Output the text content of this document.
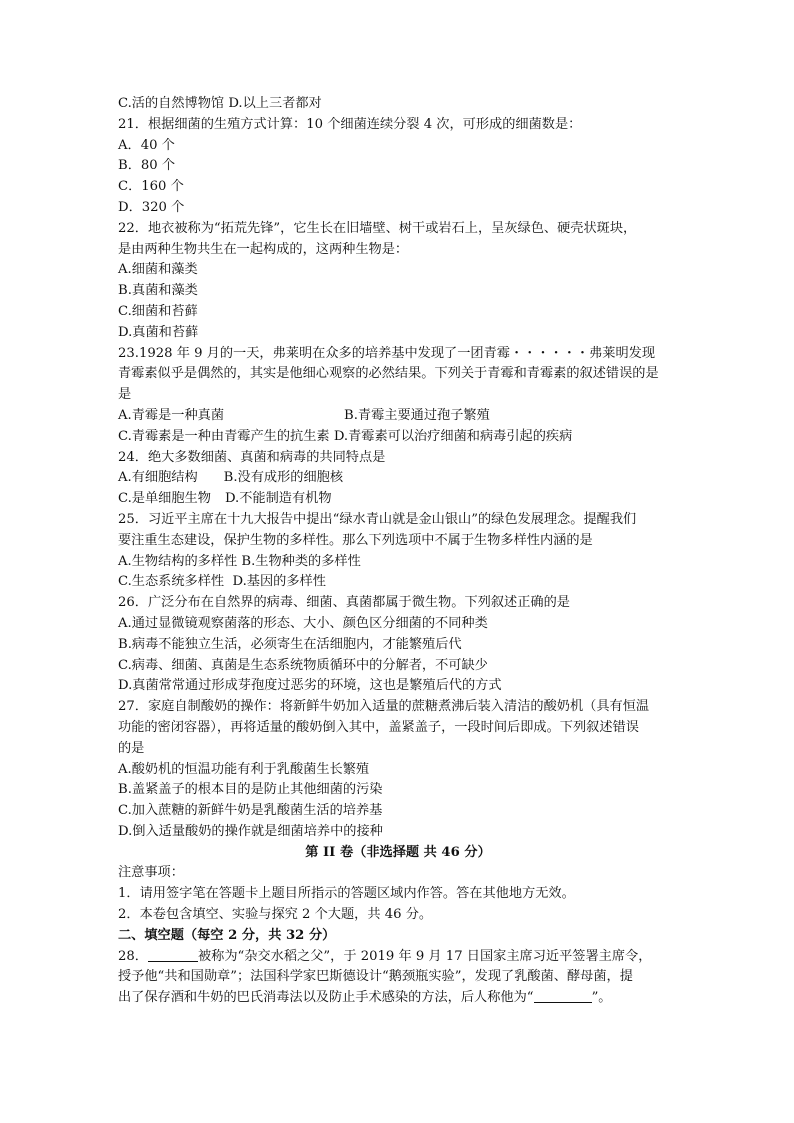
C.活的自然博物馆 D.以上三者都对
21．根据细菌的生殖方式计算：10 个细菌连续分裂 4 次，可形成的细菌数是：
A．40 个
B．80 个
C．160 个
D．320 个
22．地衣被称为“拓荒先锋”，它生长在旧墙壁、树干或岩石上，呈灰绿色、硬壳状斑块，
是由两种生物共生在一起构成的，这两种生物是：
A.细菌和藻类
B.真菌和藻类
C.细菌和苔藓
D.真菌和苔藓
23.1928 年 9 月的一天，弗莱明在众多的培养基中发现了一团青霉・・・・・・弗莱明发现
青霉素似乎是偶然的，其实是他细心观察的必然结果。下列关于青霉和青霉素的叙述错误的是
是
A.青霉是一种真菌	B.青霉主要通过孢子繁殖
C.青霉素是一种由青霉产生的抗生素 D.青霉素可以治疗细菌和病毒引起的疾病
24．绝大多数细菌、真菌和病毒的共同特点是
A.有细胞结构 B.没有成形的细胞核
C.是单细胞生物 D.不能制造有机物
25．习近平主席在十九大报告中提出“绿水青山就是金山银山”的绿色发展理念。提醒我们
要注重生态建设，保护生物的多样性。那么下列选项中不属于生物多样性内涵的是
A.生物结构的多样性 B.生物种类的多样性
C.生态系统多样性 D.基因的多样性
26．广泛分布在自然界的病毒、细菌、真菌都属于微生物。下列叙述正确的是
A.通过显微镜观察菌落的形态、大小、颜色区分细菌的不同种类
B.病毒不能独立生活，必须寄生在活细胞内，才能繁殖后代
C.病毒、细菌、真菌是生态系统物质循环中的分解者，不可缺少
D.真菌常常通过形成芽孢度过恶劣的环境，这也是繁殖后代的方式
27．家庭自制酸奶的操作：将新鲜牛奶加入适量的蔗糖煮沸后装入清洁的酸奶机（具有恒温
功能的密闭容器），再将适量的酸奶倒入其中，盖紧盖子，一段时间后即成。下列叙述错误
的是
A.酸奶机的恒温功能有利于乳酸菌生长繁殖
B.盖紧盖子的根本目的是防止其他细菌的污染
C.加入蔗糖的新鲜牛奶是乳酸菌生活的培养基
D.倒入适量酸奶的操作就是细菌培养中的接种
第 II 卷（非选择题 共 46 分）
注意事项：
1．请用签字笔在答题卡上题目所指示的答题区域内作答。答在其他地方无效。
2．本卷包含填空、实验与探究 2 个大题，共 46 分。
二、填空题（每空 2 分，共 32 分）
28．	被称为“杂交水稻之父”，于 2019 年 9 月 17 日国家主席习近平签署主席令，
授予他“共和国勋章”；法国科学家巴斯德设计“鹅颈瓶实验”，发现了乳酸菌、酵母菌，提
出了保存酒和牛奶的巴氏消毒法以及防止手术感染的方法，后人称他为“	”。
